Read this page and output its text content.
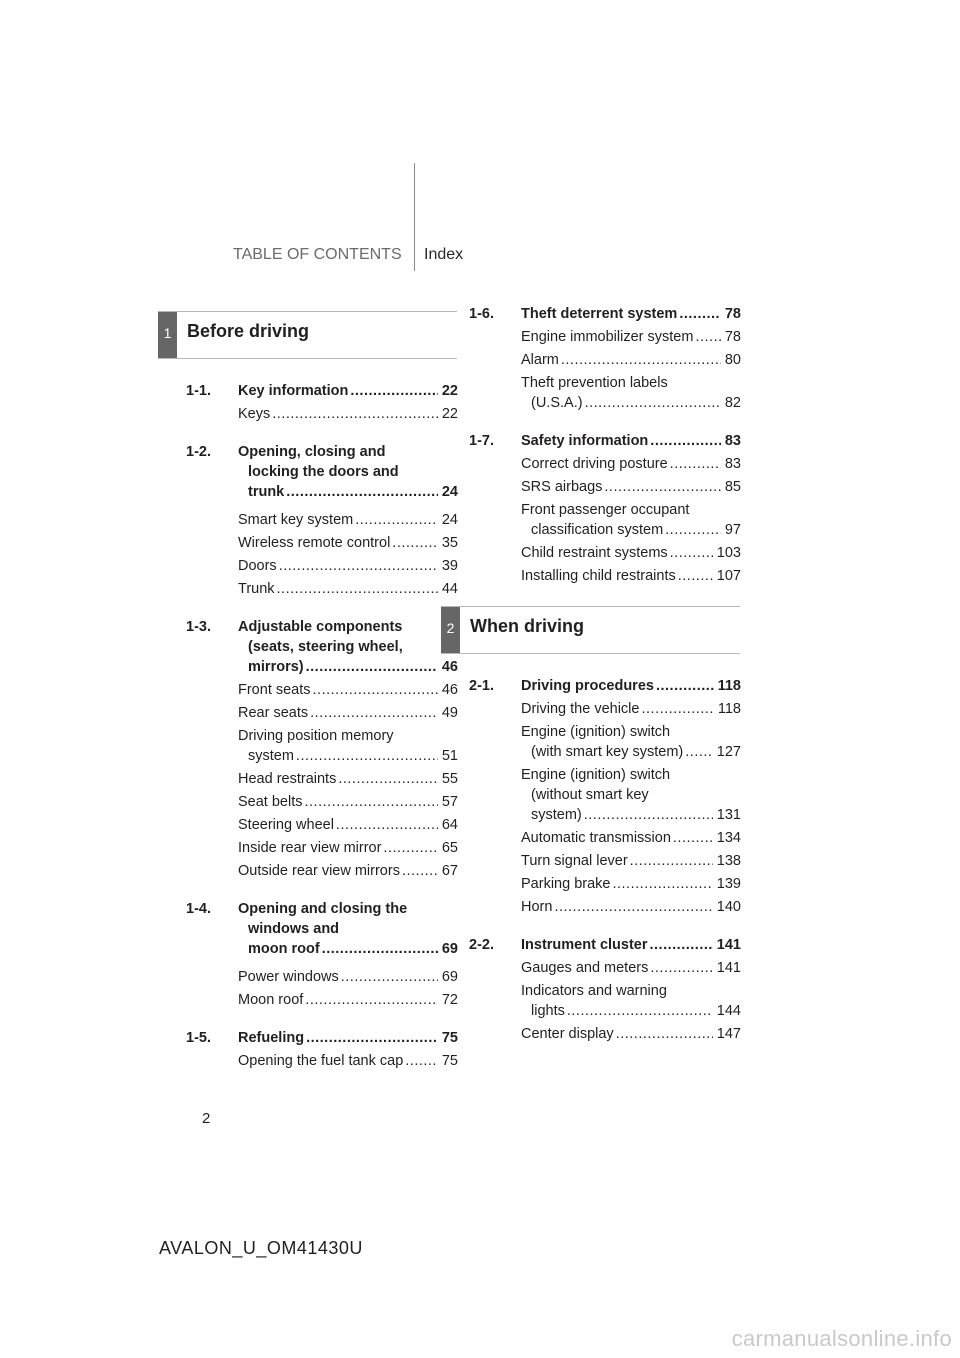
TABLE OF CONTENTS Index
1 Before driving
1-1. Key information .....	22
Keys .....	22
1-2. Opening, closing and
locking the doors and
trunk .....	24
Smart key system .....	24
Wireless remote control .....	35
Doors .....	39
Trunk .....	44
1-3. Adjustable components
(seats, steering wheel,
mirrors) .....	46
Front seats .....	46
Rear seats .....	49
Driving position memory
system .....	51
Head restraints .....	55
Seat belts .....	57
Steering wheel .....	64
Inside rear view mirror .....	65
Outside rear view mirrors .....	67
1-4. Opening and closing the
windows and
moon roof .....	69
Power windows .....	69
Moon roof .....	72
1-5. Refueling .....	75
Opening the fuel tank cap .....	75
1-6. Theft deterrent system .....	78
Engine immobilizer system ..... 78
Alarm .....	80
Theft prevention labels
(U.S.A.) .....	82
1-7. Safety information .....	83
Correct driving posture .....	83
SRS airbags .....	85
Front passenger occupant
classification system .....	97
Child restraint systems .....	103
Installing child restraints .....	107
2 When driving
2-1. Driving procedures .....	118
Driving the vehicle .....	118
Engine (ignition) switch
(with smart key system) ..... 127
Engine (ignition) switch
(without smart key
system) .....	131
Automatic transmission .....	134
Turn signal lever .....	138
Parking brake .....	139
Horn .....	140
2-2. Instrument cluster .....	141
Gauges and meters .....	141
Indicators and warning
lights .....	144
Center display .....	147
2
AVALON_U_OM41430U
carmanualsonline.info
